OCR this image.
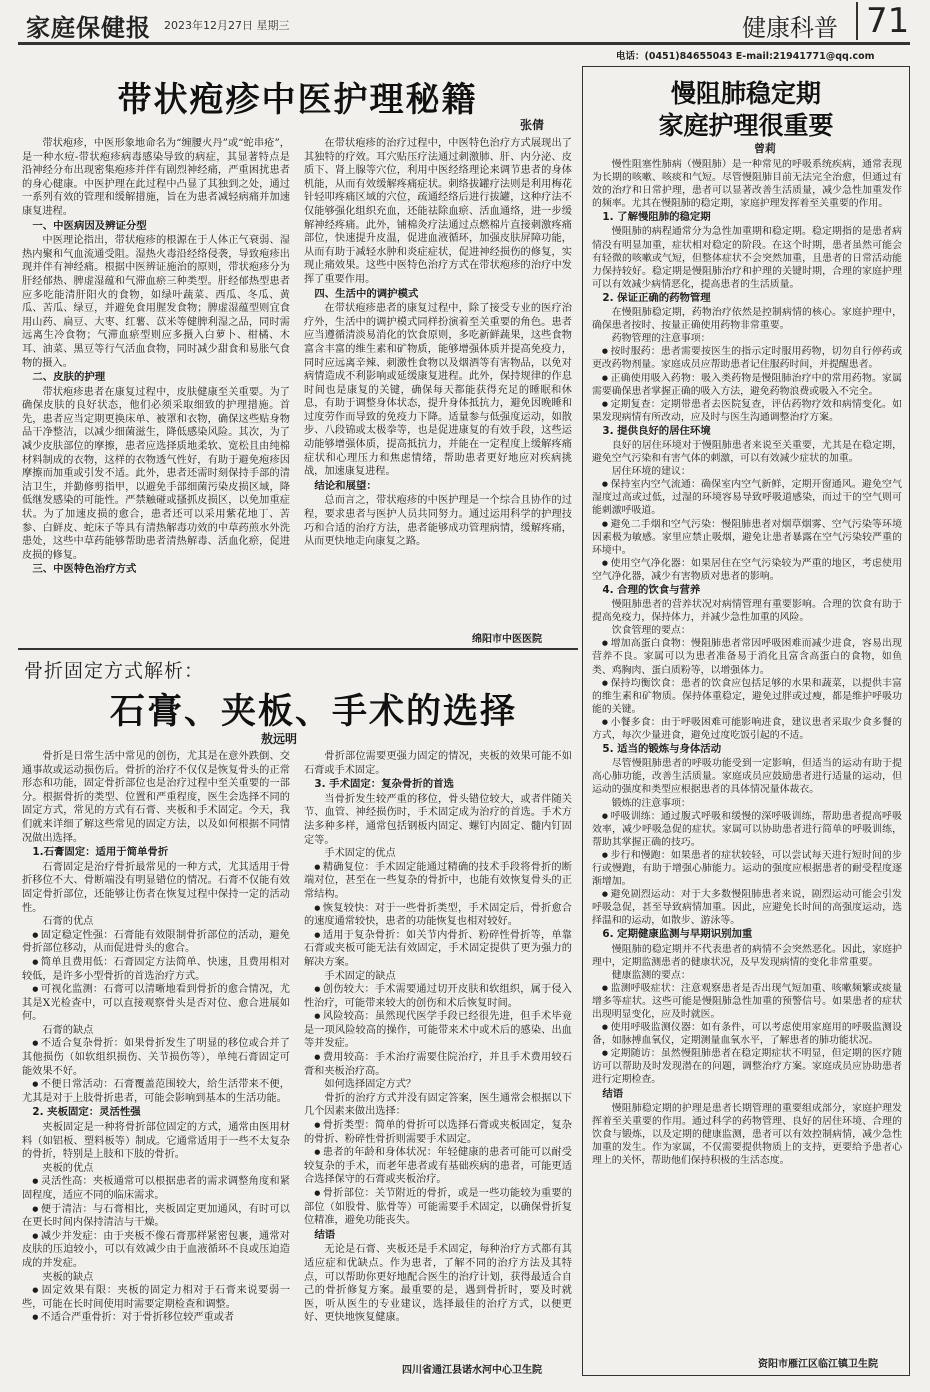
家庭保健报 2023年12月27日 星期三	健康科普 71
电话：(0451)84655043 E-mail:21941771@qq.com
带状疱疹中医护理秘籍
张倩

带状疱疹，中医形象地命名为“缠腰火丹”或“蛇串疮”，是一种水痘-带状疱疹病毒感染导致的病症，其显著特点是沿神经分布出现密集疱疹并伴有剧烈神经痛，严重困扰患者的身心健康。中医护理在此过程中凸显了其独到之处，通过一系列有效的管理和缓解措施，旨在为患者减轻病痛并加速康复进程。

一、中医病因及辨证分型

中医理论指出，带状疱疹的根源在于人体正气衰弱、湿热内聚和气血流通受阻。湿热火毒沿经络侵袭，导致疱疹出现并伴有神经痛。根据中医辨证施治的原则，带状疱疹分为肝经郁热、脾虚湿蕴和气滞血瘀三种类型。肝经郁热型患者应多吃能清肝阳火的食物，如绿叶蔬菜、西瓜、冬瓜、黄瓜、苦瓜、绿豆，并避免食用腥发食物；脾虚湿蕴型则宜食用山药、扁豆、大枣、红薯、苡米等健脾利湿之品，同时需远离生冷食物；气滞血瘀型则应多摄入白萝卜、柑橘、木耳、油菜、黑豆等行气活血食物，同时减少甜食和易胀气食物的摄入。

二、皮肤的护理

带状疱疹患者在康复过程中，皮肤健康至关重要。为了确保皮肤的良好状态，他们必须采取细致的护理措施。首先，患者应当定期更换床单、被罩和衣物，确保这些贴身物品干净整洁，以减少细菌滋生，降低感染风险。其次，为了减少皮肤部位的摩擦，患者应选择质地柔软、宽松且由纯棉材料制成的衣物，这样的衣物透气性好，有助于避免疱疹因摩擦而加重或引发不适。此外，患者还需时刻保持手部的清洁卫生，并勤修剪指甲，以避免手部细菌污染皮损区域，降低继发感染的可能性。严禁触碰或搔抓皮损区，以免加重症状。为了加速皮损的愈合，患者还可以采用紫花地丁、苦参、白鲜皮、蛇床子等具有清热解毒功效的中草药煎水外洗患处，这些中草药能够帮助患者清热解毒、活血化瘀，促进皮损的修复。

三、中医特色治疗方式

在带状疱疹的治疗过程中，中医特色治疗方式展现出了其独特的疗效。耳穴贴压疗法通过刺激肺、肝、内分泌、皮质下、肾上腺等穴位，利用中医经络理论来调节患者的身体机能，从而有效缓解疼痛症状。刺络拔罐疗法则是利用梅花针轻叩疼痛区域的穴位，疏通经络后进行拔罐，这种疗法不仅能够强化组织充血，还能祛除血瘀、活血通络，进一步缓解神经疼痛。此外，铺棉灸疗法通过点燃棉片直接刺激疼痛部位，快速提升皮温，促进血液循环，加强皮肤屏障功能，从而有助于减轻水肿和炎症症状，促进神经损伤的修复，实现止痛效果。这些中医特色治疗方式在带状疱疹的治疗中发挥了重要作用。

四、生活中的调护模式

在带状疱疹患者的康复过程中，除了接受专业的医疗治疗外，生活中的调护模式同样扮演着至关重要的角色。患者应当遵循清淡易消化的饮食原则，多吃新鲜蔬果，这些食物富含丰富的维生素和矿物质，能够增强体质并提高免疫力，同时应远离辛辣、刺激性食物以及烟酒等有害物品，以免对病情造成不利影响或延缓康复进程。此外，保持规律的作息时间也是康复的关键，确保每天都能获得充足的睡眠和休息，有助于调整身体状态，提升身体抵抗力，避免因晚睡和过度劳作而导致的免疫力下降。适量参与低强度运动，如散步、八段锦或太极拳等，也是促进康复的有效手段，这些运动能够增强体质，提高抵抗力，并能在一定程度上缓解疼痛症状和心理压力和焦虑情绪，帮助患者更好地应对疾病挑战，加速康复进程。

结论和展望：

总而言之，带状疱疹的中医护理是一个综合且协作的过程，要求患者与医护人员共同努力。通过运用科学的护理技巧和合适的治疗方法，患者能够成功管理病情，缓解疼痛，从而更快地走向康复之路。

绵阳市中医医院
骨折固定方式解析：
石膏、夹板、手术的选择
敖远明

骨折是日常生活中常见的创伤，尤其是在意外跌倒、交通事故或运动损伤后。骨折的治疗不仅仅是恢复骨头的正常形态和功能，固定骨折部位也是治疗过程中至关重要的一部分。根据骨折的类型、位置和严重程度，医生会选择不同的固定方式，常见的方式有石膏、夹板和手术固定。今天，我们就来详细了解这些常见的固定方法，以及如何根据不同情况做出选择。

1.石膏固定：适用于简单骨折

石膏固定是治疗骨折最常见的一种方式，尤其适用于骨折移位不大、骨断端没有明显错位的情况。石膏不仅能有效固定骨折部位，还能够让伤者在恢复过程中保持一定的活动性。

石膏的优点
● 固定稳定性强：石膏能有效限制骨折部位的活动，避免骨折部位移动，从而促进骨头的愈合。
● 简单且费用低：石膏固定方法简单、快速，且费用相对较低，是许多小型骨折的首选治疗方式。
● 可视化监测：石膏可以清晰地看到骨折的愈合情况，尤其是X光检查中，可以直接观察骨头是否对位、愈合进展如何。
石膏的缺点
● 不适合复杂骨折：如果骨折发生了明显的移位或合并了其他损伤（如软组织损伤、关节损伤等），单纯石膏固定可能效果不好。
● 不便日常活动：石膏覆盖范围较大，给生活带来不便，尤其是对于上肢骨折患者，可能会影响到基本的生活功能。
2. 夹板固定：灵活性强

夹板固定是一种将骨折部位固定的方式，通常由医用材料（如铝板、塑料板等）制成。它通常适用于一些不太复杂的骨折，特别是上肢和下肢的骨折。

夹板的优点
● 灵活性高：夹板通常可以根据患者的需求调整角度和紧固程度，适应不同的临床需求。
● 便于清洁：与石膏相比，夹板固定更加通风，有时可以在更长时间内保持清洁与干燥。
● 减少并发症：由于夹板不像石膏那样紧密包裹，通常对皮肤的压迫较小，可以有效减少由于血液循环不良或压迫造成的并发症。
夹板的缺点
● 固定效果有限：夹板的固定力相对于石膏来说要弱一些，可能在长时间使用时需要定期检查和调整。
● 不适合严重骨折：对于骨折移位较严重或者

骨折部位需要更强力固定的情况，夹板的效果可能不如石膏或手术固定。

3. 手术固定：复杂骨折的首选

当骨折发生较严重的移位，骨头错位较大，或者伴随关节、血管、神经损伤时，手术固定成为治疗的首选。手术方法多种多样，通常包括钢板内固定、螺钉内固定、髓内钉固定等。

手术固定的优点
● 精确复位：手术固定能通过精确的技术手段将骨折的断端对位，甚至在一些复杂的骨折中，也能有效恢复骨头的正常结构。
● 恢复较快：对于一些骨折类型，手术固定后，骨折愈合的速度通常较快，患者的功能恢复也相对较好。
● 适用于复杂骨折：如关节内骨折、粉碎性骨折等，单靠石膏或夹板可能无法有效固定，手术固定提供了更为强力的解决方案。
手术固定的缺点
● 创伤较大：手术需要通过切开皮肤和软组织，属于侵入性治疗，可能带来较大的创伤和术后恢复时间。
● 风险较高：虽然现代医学手段已经很先进，但手术毕竟是一项风险较高的操作，可能带来术中或术后的感染、出血等并发症。
● 费用较高：手术治疗需要住院治疗，并且手术费用较石膏和夹板治疗高。
如何选择固定方式？

骨折的治疗方式并没有固定答案，医生通常会根据以下几个因素来做出选择：

● 骨折类型：简单的骨折可以选择石膏或夹板固定，复杂的骨折、粉碎性骨折则需要手术固定。
● 患者的年龄和身体状况：年轻健康的患者可能可以耐受较复杂的手术，而老年患者或有基础疾病的患者，可能更适合选择保守的石膏或夹板治疗。
● 骨折部位：关节附近的骨折，或是一些功能较为重要的部位（如股骨、肱骨等）可能需要手术固定，以确保骨折复位精准，避免功能丧失。
结语

无论是石膏、夹板还是手术固定，每种治疗方式都有其适应症和优缺点。作为患者，了解不同的治疗方法及其特点，可以帮助你更好地配合医生的治疗计划，获得最适合自己的骨折修复方案。最重要的是，遇到骨折时，要及时就医，听从医生的专业建议，选择最佳的治疗方式，以便更好、更快地恢复健康。

四川省通江县诺水河中心卫生院
慢阻肺稳定期
家庭护理很重要
曾莉

慢性阻塞性肺病（慢阻肺）是一种常见的呼吸系统疾病，通常表现为长期的咳嗽、咳痰和气短。尽管慢阻肺目前无法完全治愈，但通过有效的治疗和日常护理，患者可以显著改善生活质量，减少急性加重发作的频率。尤其在慢阻肺的稳定期，家庭护理发挥着至关重要的作用。

1. 了解慢阻肺的稳定期

慢阻肺的病程通常分为急性加重期和稳定期。稳定期指的是患者病情没有明显加重，症状相对稳定的阶段。在这个时期，患者虽然可能会有轻微的咳嗽或气短，但整体症状不会突然加重，且患者的日常活动能力保持较好。稳定期是慢阻肺治疗和护理的关键时期，合理的家庭护理可以有效减少病情恶化，提高患者的生活质量。

2. 保证正确的药物管理

在慢阻肺稳定期，药物治疗依然是控制病情的核心。家庭护理中，确保患者按时、按量正确使用药物非常重要。

药物管理的注意事项：
● 按时服药：患者需要按医生的指示定时服用药物，切勿自行停药或更改药物剂量。家庭成员应帮助患者记住服药时间，并提醒患者。
● 正确使用吸入药物：吸入类药物是慢阻肺治疗中的常用药物。家属需要确保患者掌握正确的吸入方法，避免药物浪费或吸入不完全。
● 定期复查：定期带患者去医院复查，评估药物疗效和病情变化。如果发现病情有所改动，应及时与医生沟通调整治疗方案。
3. 提供良好的居住环境

良好的居住环境对于慢阻肺患者来说至关重要，尤其是在稳定期，避免空气污染和有害气体的刺激，可以有效减少症状的加重。

居住环境的建议：
● 保持室内空气流通：确保室内空气新鲜，定期开窗通风。避免空气湿度过高或过低，过湿的环境容易导致呼吸道感染，而过干的空气则可能刺激呼吸道。
● 避免二手烟和空气污染：慢阻肺患者对烟草烟雾、空气污染等环境因素极为敏感。家里应禁止吸烟，避免让患者暴露在空气污染较严重的环境中。
● 使用空气净化器：如果居住在空气污染较为严重的地区，考虑使用空气净化器，减少有害物质对患者的影响。
4. 合理的饮食与营养

慢阻肺患者的营养状况对病情管理有重要影响。合理的饮食有助于提高免疫力，保持体力，并减少急性加重的风险。

饮食管理的要点：
● 增加高蛋白食物：慢阻肺患者常因呼吸困难而减少进食，容易出现营养不良。家属可以为患者准备易于消化且富含高蛋白的食物，如鱼类、鸡胸肉、蛋白质粉等，以增强体力。
● 保持均衡饮食：患者的饮食应包括足够的水果和蔬菜，以提供丰富的维生素和矿物质。保持体重稳定，避免过胖或过瘦，都是维护呼吸功能的关键。
● 小餐多食：由于呼吸困难可能影响进食，建议患者采取少食多餐的方式，每次少量进食，避免过度吃饭引起的不适。
5. 适当的锻炼与身体活动

尽管慢阻肺患者的呼吸功能受到一定影响，但适当的运动有助于提高心肺功能，改善生活质量。家庭成员应鼓励患者进行适量的运动，但运动的强度和类型应根据患者的具体情况量体裁衣。

锻炼的注意事项：
● 呼吸训练：通过腹式呼吸和缓慢的深呼吸训练，帮助患者提高呼吸效率，减少呼吸急促的症状。家属可以协助患者进行简单的呼吸训练，帮助其掌握正确的技巧。
● 步行和慢跑：如果患者的症状较轻，可以尝试每天进行短时间的步行或慢跑，有助于增强心肺能力。运动的强度应根据患者的耐受程度逐渐增加。
● 避免剧烈运动：对于大多数慢阻肺患者来说，剧烈运动可能会引发呼吸急促，甚至导致病情加重。因此，应避免长时间的高强度运动，选择温和的运动，如散步、游泳等。
6. 定期健康监测与早期识别加重

慢阻肺的稳定期并不代表患者的病情不会突然恶化。因此，家庭护理中，定期监测患者的健康状况，及早发现病情的变化非常重要。

健康监测的要点：
● 监测呼吸症状：注意观察患者是否出现气短加重、咳嗽频繁或痰量增多等症状。这些可能是慢阻肺急性加重的预警信号。如果患者的症状出现明显变化，应及时就医。
● 使用呼吸监测仪器：如有条件，可以考虑使用家庭用的呼吸监测设备，如脉搏血氧仪，定期测量血氧水平，了解患者的肺功能状况。
● 定期随访：虽然慢阻肺患者在稳定期症状不明显，但定期的医疗随访可以帮助及时发现潜在的问题，调整治疗方案。家庭成员应协助患者进行定期检查。
结语

慢阻肺稳定期的护理是患者长期管理的重要组成部分，家庭护理发挥着至关重要的作用。通过科学的药物管理、良好的居住环境、合理的饮食与锻炼，以及定期的健康监测，患者可以有效控制病情，减少急性加重的发生。作为家属，不仅需要提供物质上的支持，更要给予患者心理上的关怀，帮助他们保持积极的生活态度。

资阳市雁江区临江镇卫生院
